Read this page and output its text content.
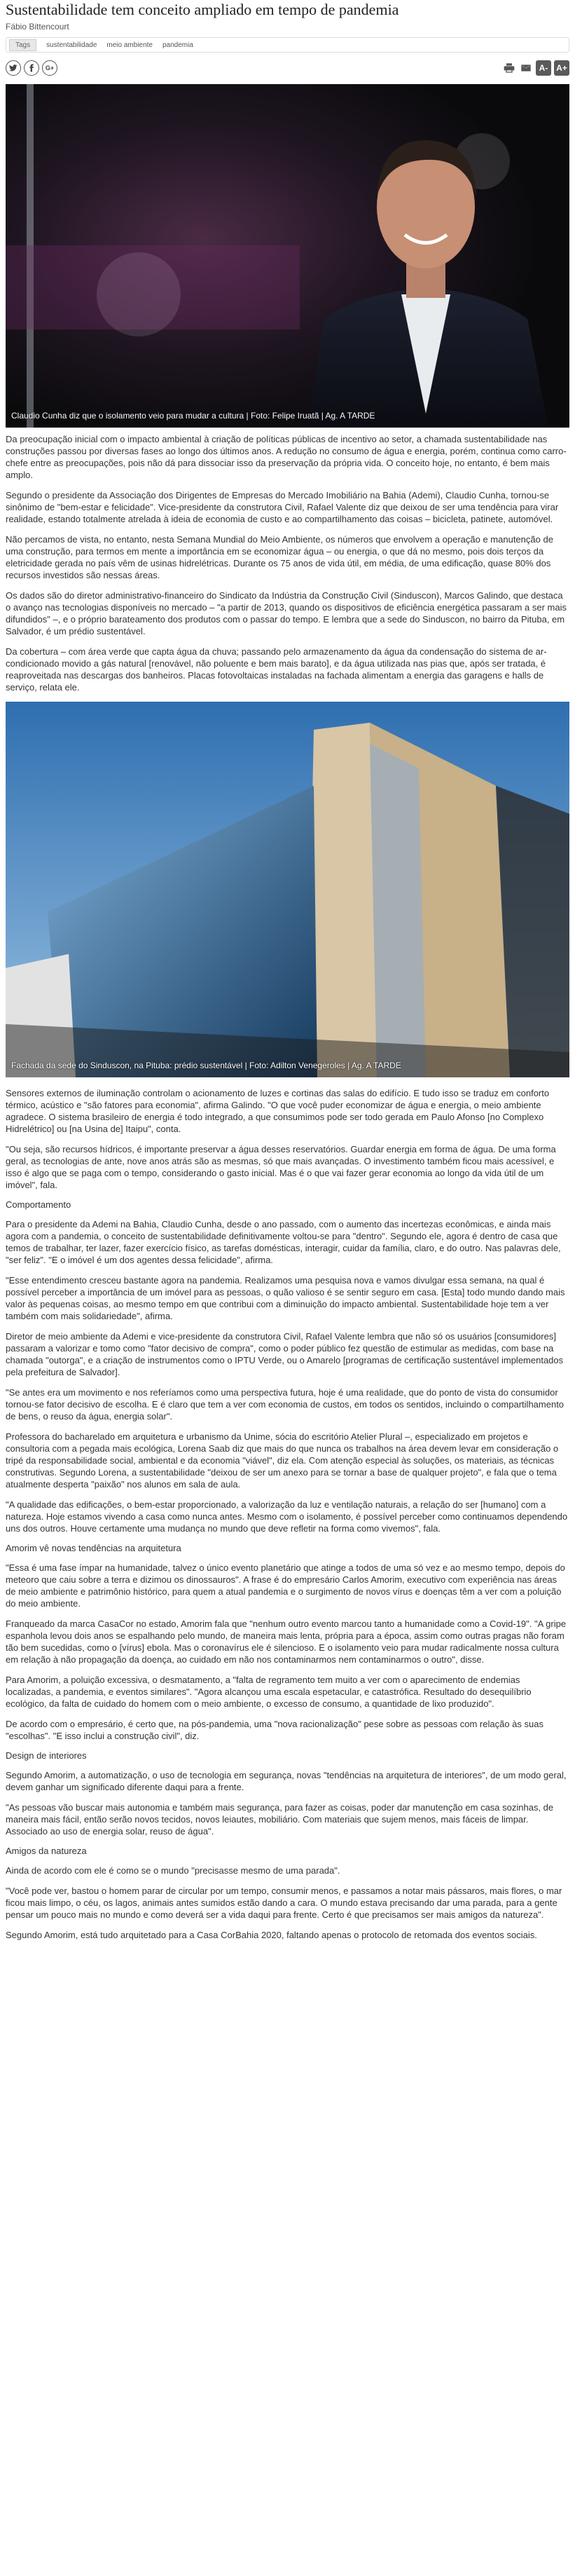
Sustentabilidade tem conceito ampliado em tempo de pandemia
Fábio Bittencourt
Tags	sustentabilidade meio ambiente pandemia
G+	A- A+
Claudio Cunha diz que o isolamento veio para mudar a cultura | Foto: Felipe Iruatã | Ag. A TARDE

Da preocupação inicial com o impacto ambiental à criação de políticas públicas de incentivo ao setor, a chamada sustentabilidade nas construções passou por diversas fases ao longo dos últimos anos. A redução no consumo de água e energia, porém, continua como carro-chefe entre as preocupações, pois não dá para dissociar isso da preservação da própria vida. O conceito hoje, no entanto, é bem mais amplo.

Segundo o presidente da Associação dos Dirigentes de Empresas do Mercado Imobiliário na Bahia (Ademi), Claudio Cunha, tornou-se sinônimo de "bem-estar e felicidade". Vice-presidente da construtora Civil, Rafael Valente diz que deixou de ser uma tendência para virar realidade, estando totalmente atrelada à ideia de economia de custo e ao compartilhamento das coisas – bicicleta, patinete, automóvel.

Não percamos de vista, no entanto, nesta Semana Mundial do Meio Ambiente, os números que envolvem a operação e manutenção de uma construção, para termos em mente a importância em se economizar água – ou energia, o que dá no mesmo, pois dois terços da eletricidade gerada no país vêm de usinas hidrelétricas. Durante os 75 anos de vida útil, em média, de uma edificação, quase 80% dos recursos investidos são nessas áreas.

Os dados são do diretor administrativo-financeiro do Sindicato da Indústria da Construção Civil (Sinduscon), Marcos Galindo, que destaca o avanço nas tecnologias disponíveis no mercado – "a partir de 2013, quando os dispositivos de eficiência energética passaram a ser mais difundidos" –, e o próprio barateamento dos produtos com o passar do tempo. E lembra que a sede do Sinduscon, no bairro da Pituba, em Salvador, é um prédio sustentável.

Da cobertura – com área verde que capta água da chuva; passando pelo armazenamento da água da condensação do sistema de ar-condicionado movido a gás natural [renovável, não poluente e bem mais barato], e da água utilizada nas pias que, após ser tratada, é reaproveitada nas descargas dos banheiros. Placas fotovoltaicas instaladas na fachada alimentam a energia das garagens e halls de serviço, relata ele.

Fachada da sede do Sinduscon, na Pituba: prédio sustentável | Foto: Adilton Venegeroles | Ag. A TARDE

Sensores externos de iluminação controlam o acionamento de luzes e cortinas das salas do edifício. E tudo isso se traduz em conforto térmico, acústico e "são fatores para economia", afirma Galindo. "O que você puder economizar de água e energia, o meio ambiente agradece. O sistema brasileiro de energia é todo integrado, a que consumimos pode ser todo gerada em Paulo Afonso [no Complexo Hidrelétrico] ou [na Usina de] Itaipu", conta.

"Ou seja, são recursos hídricos, é importante preservar a água desses reservatórios. Guardar energia em forma de água. De uma forma geral, as tecnologias de ante, nove anos atrás são as mesmas, só que mais avançadas. O investimento também ficou mais acessível, e isso é algo que se paga com o tempo, considerando o gasto inicial. Mas é o que vai fazer gerar economia ao longo da vida útil de um imóvel", fala.

Comportamento

Para o presidente da Ademi na Bahia, Claudio Cunha, desde o ano passado, com o aumento das incertezas econômicas, e ainda mais agora com a pandemia, o conceito de sustentabilidade definitivamente voltou-se para "dentro". Segundo ele, agora é dentro de casa que temos de trabalhar, ter lazer, fazer exercício físico, as tarefas domésticas, interagir, cuidar da família, claro, e do outro. Nas palavras dele, "ser feliz". "E o imóvel é um dos agentes dessa felicidade", afirma.

"Esse entendimento cresceu bastante agora na pandemia. Realizamos uma pesquisa nova e vamos divulgar essa semana, na qual é possível perceber a importância de um imóvel para as pessoas, o quão valioso é se sentir seguro em casa. [Esta] todo mundo dando mais valor às pequenas coisas, ao mesmo tempo em que contribui com a diminuição do impacto ambiental. Sustentabilidade hoje tem a ver também com mais solidariedade", afirma.

Diretor de meio ambiente da Ademi e vice-presidente da construtora Civil, Rafael Valente lembra que não só os usuários [consumidores] passaram a valorizar e tomo como "fator decisivo de compra", como o poder público fez questão de estimular as medidas, com base na chamada "outorga", e a criação de instrumentos como o IPTU Verde, ou o Amarelo [programas de certificação sustentável implementados pela prefeitura de Salvador].

"Se antes era um movimento e nos referíamos como uma perspectiva futura, hoje é uma realidade, que do ponto de vista do consumidor tornou-se fator decisivo de escolha. E é claro que tem a ver com economia de custos, em todos os sentidos, incluindo o compartilhamento de bens, o reuso da água, energia solar".

Professora do bacharelado em arquitetura e urbanismo da Unime, sócia do escritório Atelier Plural –, especializado em projetos e consultoria com a pegada mais ecológica, Lorena Saab diz que mais do que nunca os trabalhos na área devem levar em consideração o tripé da responsabilidade social, ambiental e da economia "viável", diz ela. Com atenção especial às soluções, os materiais, as técnicas construtivas. Segundo Lorena, a sustentabilidade "deixou de ser um anexo para se tornar a base de qualquer projeto", e fala que o tema atualmente desperta "paixão" nos alunos em sala de aula.

"A qualidade das edificações, o bem-estar proporcionado, a valorização da luz e ventilação naturais, a relação do ser [humano] com a natureza. Hoje estamos vivendo a casa como nunca antes. Mesmo com o isolamento, é possível perceber como continuamos dependendo uns dos outros. Houve certamente uma mudança no mundo que deve refletir na forma como vivemos", fala.

Amorim vê novas tendências na arquitetura

"Essa é uma fase ímpar na humanidade, talvez o único evento planetário que atinge a todos de uma só vez e ao mesmo tempo, depois do meteoro que caiu sobre a terra e dizimou os dinossauros". A frase é do empresário Carlos Amorim, executivo com experiência nas áreas de meio ambiente e patrimônio histórico, para quem a atual pandemia e o surgimento de novos vírus e doenças têm a ver com a poluição do meio ambiente.

Franqueado da marca CasaCor no estado, Amorim fala que "nenhum outro evento marcou tanto a humanidade como a Covid-19". "A gripe espanhola levou dois anos se espalhando pelo mundo, de maneira mais lenta, própria para a época, assim como outras pragas não foram tão bem sucedidas, como o [vírus] ebola. Mas o coronavírus ele é silencioso. E o isolamento veio para mudar radicalmente nossa cultura em relação à não propagação da doença, ao cuidado em não nos contaminarmos nem contaminarmos o outro", disse.

Para Amorim, a poluição excessiva, o desmatamento, a "falta de regramento tem muito a ver com o aparecimento de endemias localizadas, a pandemia, e eventos similares". "Agora alcançou uma escala espetacular, e catastrófica. Resultado do desequilíbrio ecológico, da falta de cuidado do homem com o meio ambiente, o excesso de consumo, a quantidade de lixo produzido".

De acordo com o empresário, é certo que, na pós-pandemia, uma "nova racionalização" pese sobre as pessoas com relação às suas "escolhas". "E isso inclui a construção civil", diz.

Design de interiores

Segundo Amorim, a automatização, o uso de tecnologia em segurança, novas "tendências na arquitetura de interiores", de um modo geral, devem ganhar um significado diferente daqui para a frente.

"As pessoas vão buscar mais autonomia e também mais segurança, para fazer as coisas, poder dar manutenção em casa sozinhas, de maneira mais fácil, então serão novos tecidos, novos leiautes, mobiliário. Com materiais que sujem menos, mais fáceis de limpar. Associado ao uso de energia solar, reuso de água".

Amigos da natureza

Ainda de acordo com ele é como se o mundo "precisasse mesmo de uma parada".

"Você pode ver, bastou o homem parar de circular por um tempo, consumir menos, e passamos a notar mais pássaros, mais flores, o mar ficou mais limpo, o céu, os lagos, animais antes sumidos estão dando a cara. O mundo estava precisando dar uma parada, para a gente pensar um pouco mais no mundo e como deverá ser a vida daqui para frente. Certo é que precisamos ser mais amigos da natureza".

Segundo Amorim, está tudo arquitetado para a Casa CorBahia 2020, faltando apenas o protocolo de retomada dos eventos sociais.
